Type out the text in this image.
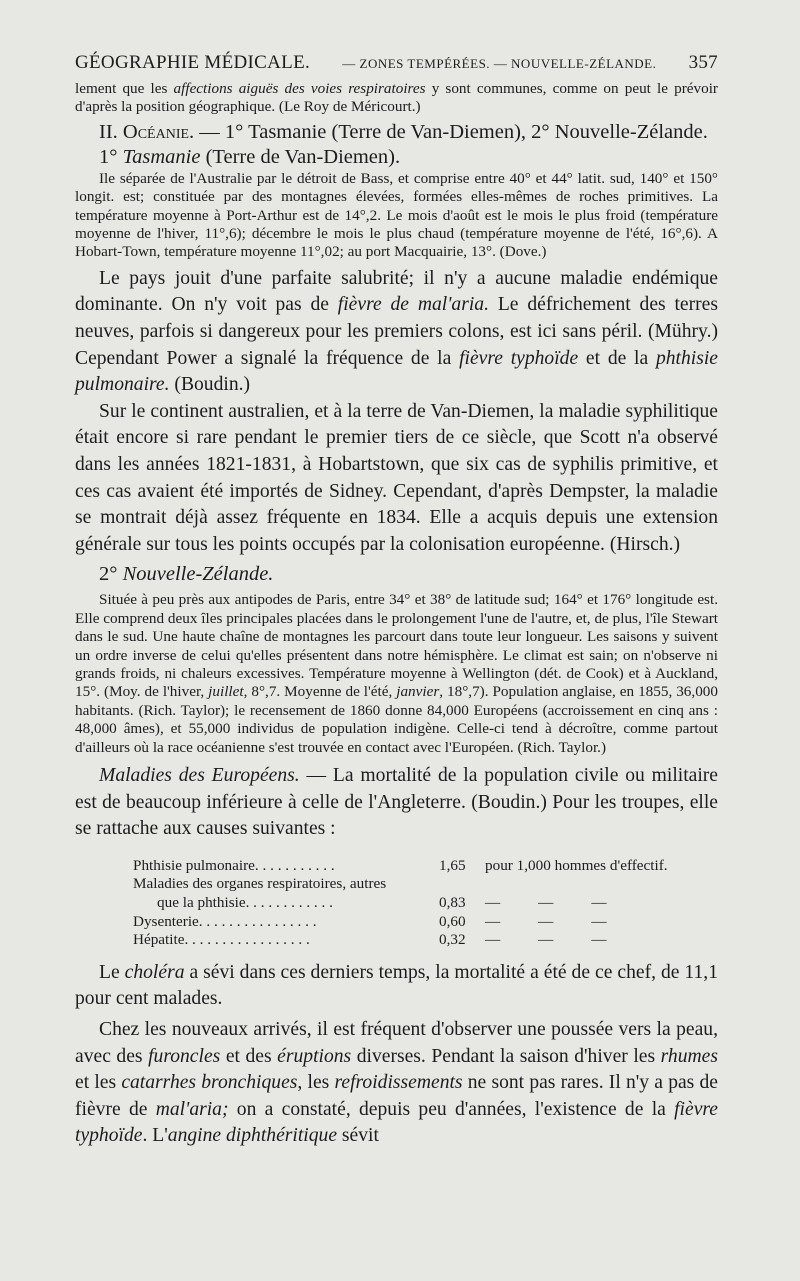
GÉOGRAPHIE MÉDICALE. — ZONES TEMPÉRÉES. — NOUVELLE-ZÉLANDE. 357

lement que les affections aiguës des voies respiratoires y sont communes, comme on peut le prévoir d'après la position géographique. (Le Roy de Méricourt.)

II. Océanie. — 1° Tasmanie (Terre de Van-Diemen), 2° Nouvelle-Zélande.

1° Tasmanie (Terre de Van-Diemen).

Ile séparée de l'Australie par le détroit de Bass, et comprise entre 40° et 44° latit. sud, 140° et 150° longit. est; constituée par des montagnes élevées, formées elles-mêmes de roches primitives. La température moyenne à Port-Arthur est de 14°,2. Le mois d'août est le mois le plus froid (température moyenne de l'hiver, 11°,6); décembre le mois le plus chaud (température moyenne de l'été, 16°,6). A Hobart-Town, température moyenne 11°,02; au port Macquairie, 13°. (Dove.)

Le pays jouit d'une parfaite salubrité; il n'y a aucune maladie endémique dominante. On n'y voit pas de fièvre de mal'aria. Le défrichement des terres neuves, parfois si dangereux pour les premiers colons, est ici sans péril. (Mühry.) Cependant Power a signalé la fréquence de la fièvre typhoïde et de la phthisie pulmonaire. (Boudin.)

Sur le continent australien, et à la terre de Van-Diemen, la maladie syphilitique était encore si rare pendant le premier tiers de ce siècle, que Scott n'a observé dans les années 1821-1831, à Hobartstown, que six cas de syphilis primitive, et ces cas avaient été importés de Sidney. Cependant, d'après Dempster, la maladie se montrait déjà assez fréquente en 1834. Elle a acquis depuis une extension générale sur tous les points occupés par la colonisation européenne. (Hirsch.)

2° Nouvelle-Zélande.

Située à peu près aux antipodes de Paris, entre 34° et 38° de latitude sud; 164° et 176° longitude est. Elle comprend deux îles principales placées dans le prolongement l'une de l'autre, et, de plus, l'île Stewart dans le sud. Une haute chaîne de montagnes les parcourt dans toute leur longueur. Les saisons y suivent un ordre inverse de celui qu'elles présentent dans notre hémisphère. Le climat est sain; on n'observe ni grands froids, ni chaleurs excessives. Température moyenne à Wellington (dét. de Cook) et à Auckland, 15°. (Moy. de l'hiver, juillet, 8°,7. Moyenne de l'été, janvier, 18°,7). Population anglaise, en 1855, 36,000 habitants. (Rich. Taylor); le recensement de 1860 donne 84,000 Européens (accroissement en cinq ans : 48,000 âmes), et 55,000 individus de population indigène. Celle-ci tend à décroître, comme partout d'ailleurs où la race océanienne s'est trouvée en contact avec l'Européen. (Rich. Taylor.)

Maladies des Européens. — La mortalité de la population civile ou militaire est de beaucoup inférieure à celle de l'Angleterre. (Boudin.) Pour les troupes, elle se rattache aux causes suivantes :

Phthisie pulmonaire. . . . . . . . . . .	1,65	pour 1,000 hommes d'effectif.
Maladies des organes respiratoires, autres
que la phthisie. . . . . . . . . . . .	0,83	—          —          —
Dysenterie. . . . . . . . . . . . . . . .	0,60	—          —          —
Hépatite. . . . . . . . . . . . . . . . .	0,32	—          —          —

Le choléra a sévi dans ces derniers temps, la mortalité a été de ce chef, de 11,1 pour cent malades.

Chez les nouveaux arrivés, il est fréquent d'observer une poussée vers la peau, avec des furoncles et des éruptions diverses. Pendant la saison d'hiver les rhumes et les catarrhes bronchiques, les refroidissements ne sont pas rares. Il n'y a pas de fièvre de mal'aria; on a constaté, depuis peu d'années, l'existence de la fièvre typhoïde. L'angine diphthéritique sévit
